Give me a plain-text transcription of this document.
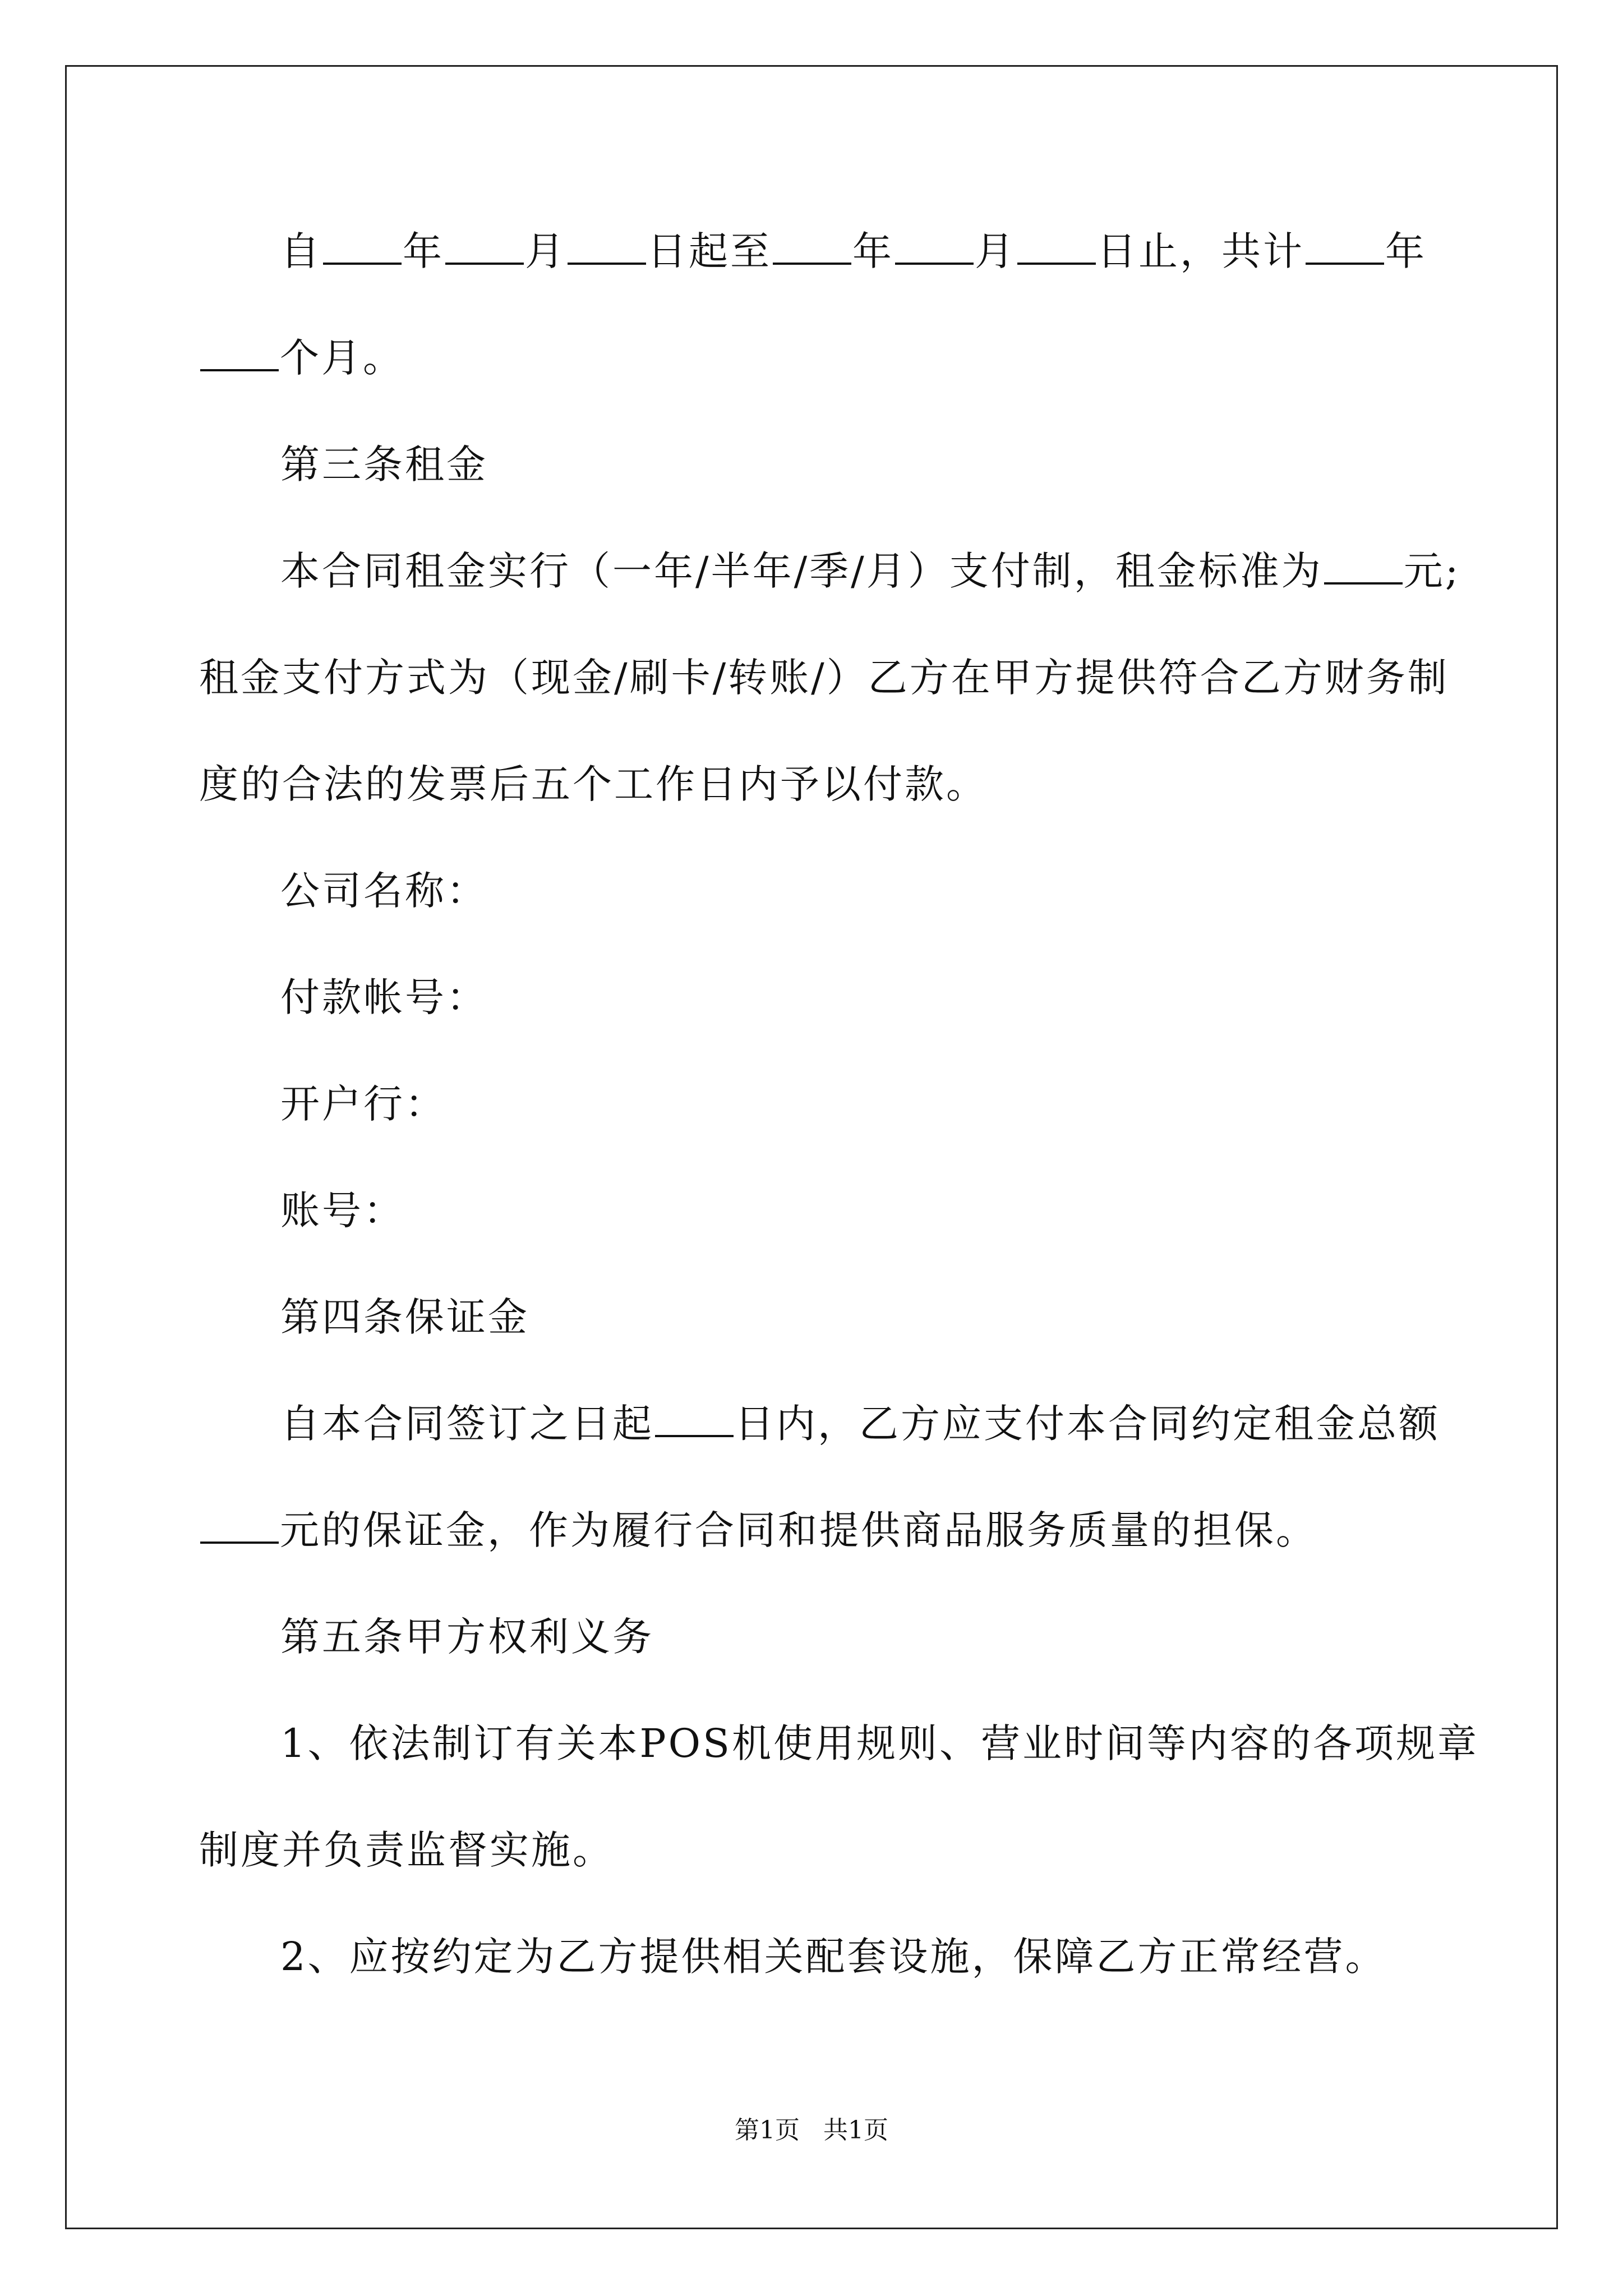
自 年 月 日起至 年 月 日止，共计 年
个月。
第三条租金
本合同租金实行（一年/半年/季/月）支付制，租金标准为 元;
租金支付方式为（现金/刷卡/转账/）乙方在甲方提供符合乙方财务制
度的合法的发票后五个工作日内予以付款。
公司名称：
付款帐号：
开户行：
账号：
第四条保证金
自本合同签订之日起 日内，乙方应支付本合同约定租金总额
元的保证金，作为履行合同和提供商品服务质量的担保。
第五条甲方权利义务
1、依法制订有关本POS机使用规则、营业时间等内容的各项规章
制度并负责监督实施。
2、应按约定为乙方提供相关配套设施，保障乙方正常经营。
第1页 共1页
